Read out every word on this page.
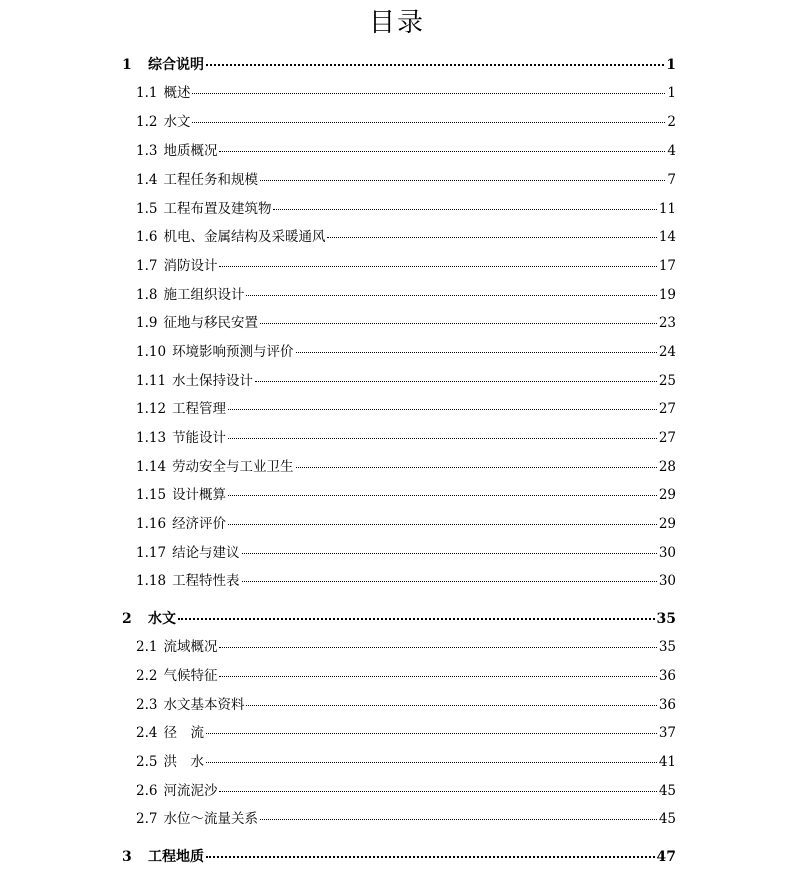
目录
1	综合说明	1
1.1 概述	1
1.2 水文	2
1.3 地质概况	4
1.4 工程任务和规模	7
1.5 工程布置及建筑物	11
1.6 机电、金属结构及采暖通风	14
1.7 消防设计	17
1.8 施工组织设计	19
1.9 征地与移民安置	23
1.10 环境影响预测与评价	24
1.11 水土保持设计	25
1.12 工程管理	27
1.13 节能设计	27
1.14 劳动安全与工业卫生	28
1.15 设计概算	29
1.16 经济评价	29
1.17 结论与建议	30
1.18 工程特性表	30
2	水文	35
2.1 流域概况	35
2.2 气候特征	36
2.3 水文基本资料	36
2.4 径　流	37
2.5 洪　水	41
2.6 河流泥沙	45
2.7 水位～流量关系	45
3	工程地质	47
